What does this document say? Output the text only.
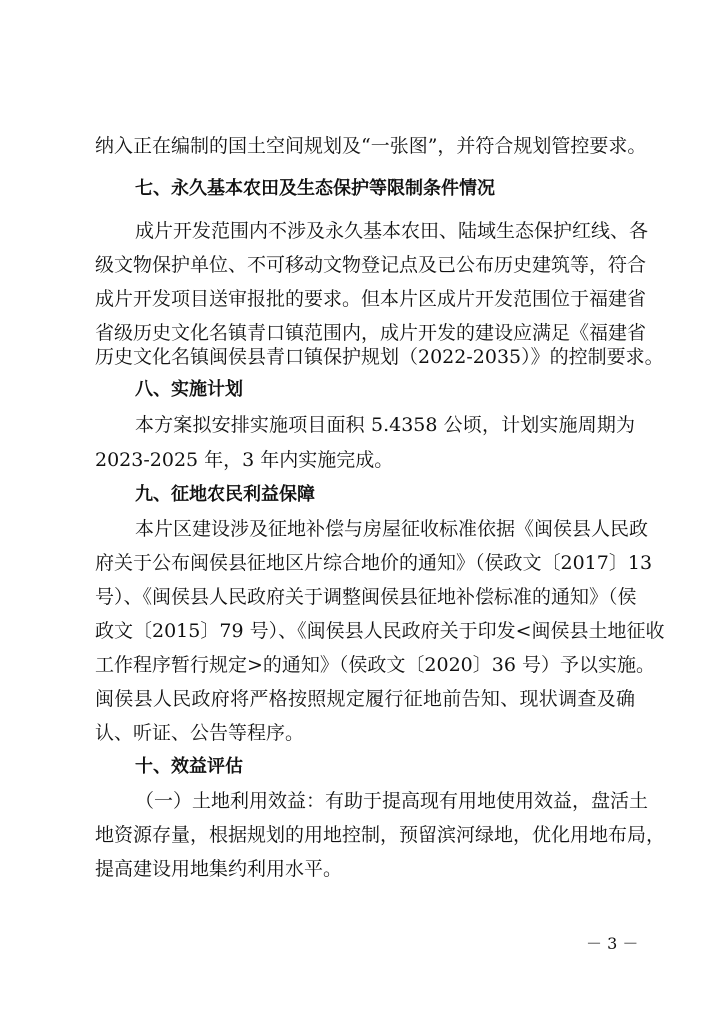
纳入正在编制的国土空间规划及“一张图”，并符合规划管控要求。
七、永久基本农田及生态保护等限制条件情况
成片开发范围内不涉及永久基本农田、陆域生态保护红线、各
级文物保护单位、不可移动文物登记点及已公布历史建筑等，符合
成片开发项目送审报批的要求。但本片区成片开发范围位于福建省
省级历史文化名镇青口镇范围内，成片开发的建设应满足《福建省
历史文化名镇闽侯县青口镇保护规划（2022-2035）》的控制要求。
八、实施计划
本方案拟安排实施项目面积 5.4358 公顷，计划实施周期为
2023-2025 年，3 年内实施完成。
九、征地农民利益保障
本片区建设涉及征地补偿与房屋征收标准依据《闽侯县人民政
府关于公布闽侯县征地区片综合地价的通知》（侯政文〔2017〕13
号）、《闽侯县人民政府关于调整闽侯县征地补偿标准的通知》（侯
政文〔2015〕79 号）、《闽侯县人民政府关于印发<闽侯县土地征收
工作程序暂行规定>的通知》（侯政文〔2020〕36 号）予以实施。
闽侯县人民政府将严格按照规定履行征地前告知、现状调查及确
认、听证、公告等程序。
十、效益评估
（一）土地利用效益：有助于提高现有用地使用效益，盘活土
地资源存量，根据规划的用地控制，预留滨河绿地，优化用地布局，
提高建设用地集约利用水平。
－ 3 －
